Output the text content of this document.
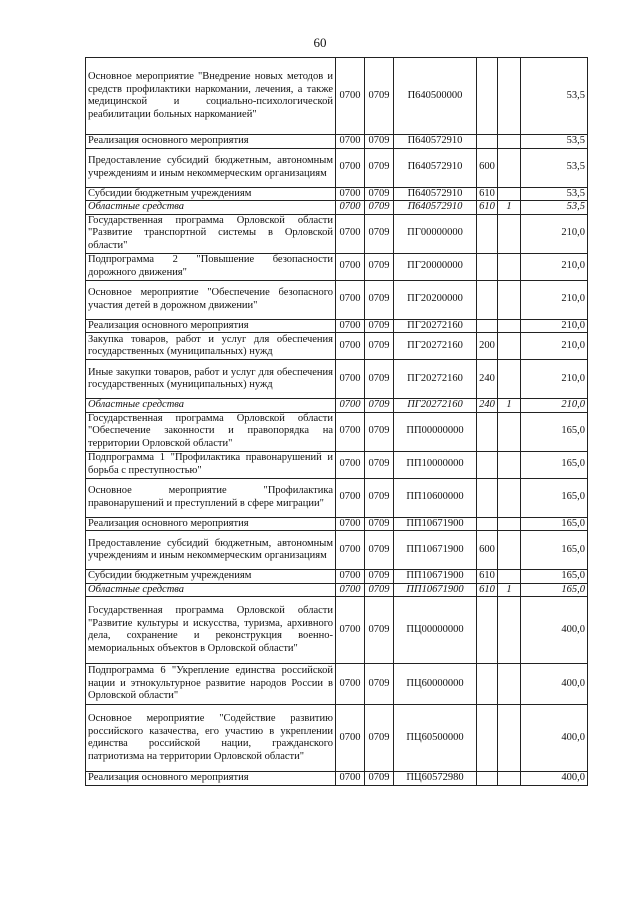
60
Основное мероприятие "Внедрение новых методов и средств профилактики наркомании, лечения, а также медицинской и социально-психологической реабилитации больных наркоманией"	0700	0709	П640500000			53,5
Реализация основного мероприятия	0700	0709	П640572910			53,5
Предоставление субсидий бюджетным, автономным учреждениям и иным некоммерческим организациям	0700	0709	П640572910	600		53,5
Субсидии бюджетным учреждениям	0700	0709	П640572910	610		53,5
Областные средства	0700	0709	П640572910	610	1	53,5
Государственная программа Орловской области "Развитие транспортной системы в Орловской области"	0700	0709	ПГ00000000			210,0
Подпрограмма 2 "Повышение безопасности дорожного движения"	0700	0709	ПГ20000000			210,0
Основное мероприятие "Обеспечение безопасного участия детей в дорожном движении"	0700	0709	ПГ20200000			210,0
Реализация основного мероприятия	0700	0709	ПГ20272160			210,0
Закупка товаров, работ и услуг для обеспечения государственных (муниципальных) нужд	0700	0709	ПГ20272160	200		210,0
Иные закупки товаров, работ и услуг для обеспечения государственных (муниципальных) нужд	0700	0709	ПГ20272160	240		210,0
Областные средства	0700	0709	ПГ20272160	240	1	210,0
Государственная программа Орловской области "Обеспечение законности и правопорядка на территории Орловской области"	0700	0709	ПП00000000			165,0
Подпрограмма 1 "Профилактика правонарушений и борьба с преступностью"	0700	0709	ПП10000000			165,0
Основное мероприятие "Профилактика правонарушений и преступлений в сфере миграции"	0700	0709	ПП10600000			165,0
Реализация основного мероприятия	0700	0709	ПП10671900			165,0
Предоставление субсидий бюджетным, автономным учреждениям и иным некоммерческим организациям	0700	0709	ПП10671900	600		165,0
Субсидии бюджетным учреждениям	0700	0709	ПП10671900	610		165,0
Областные средства	0700	0709	ПП10671900	610	1	165,0
Государственная программа Орловской области "Развитие культуры и искусства, туризма, архивного дела, сохранение и реконструкция военно-мемориальных объектов в Орловской области"	0700	0709	ПЦ00000000			400,0
Подпрограмма 6 "Укрепление единства российской нации и этнокультурное развитие народов России в Орловской области"	0700	0709	ПЦ60000000			400,0
Основное мероприятие "Содействие развитию российского казачества, его участию в укреплении единства российской нации, гражданского патриотизма на территории Орловской области"	0700	0709	ПЦ60500000			400,0
Реализация основного мероприятия	0700	0709	ПЦ60572980			400,0
